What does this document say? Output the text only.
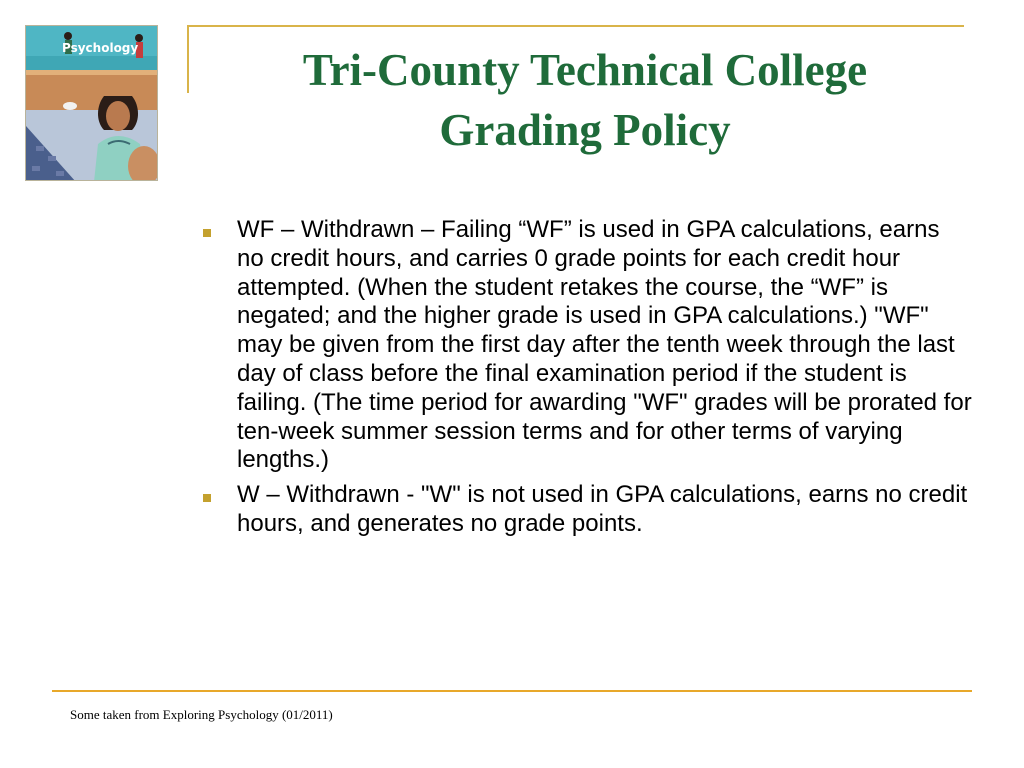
Psychology	Tri-County Technical College
Grading Policy
WF – Withdrawn – Failing “WF” is used in GPA calculations, earns no credit hours, and carries 0 grade points for each credit hour attempted. (When the student retakes the course, the “WF” is negated; and the higher grade is used in GPA calculations.) "WF" may be given from the first day after the tenth week through the last day of class before the final examination period if the student is failing. (The time period for awarding "WF" grades will be prorated for ten-week summer session terms and for other terms of varying lengths.)
W – Withdrawn - "W" is not used in GPA calculations, earns no credit hours, and generates no grade points.
Some taken from Exploring Psychology (01/2011)
